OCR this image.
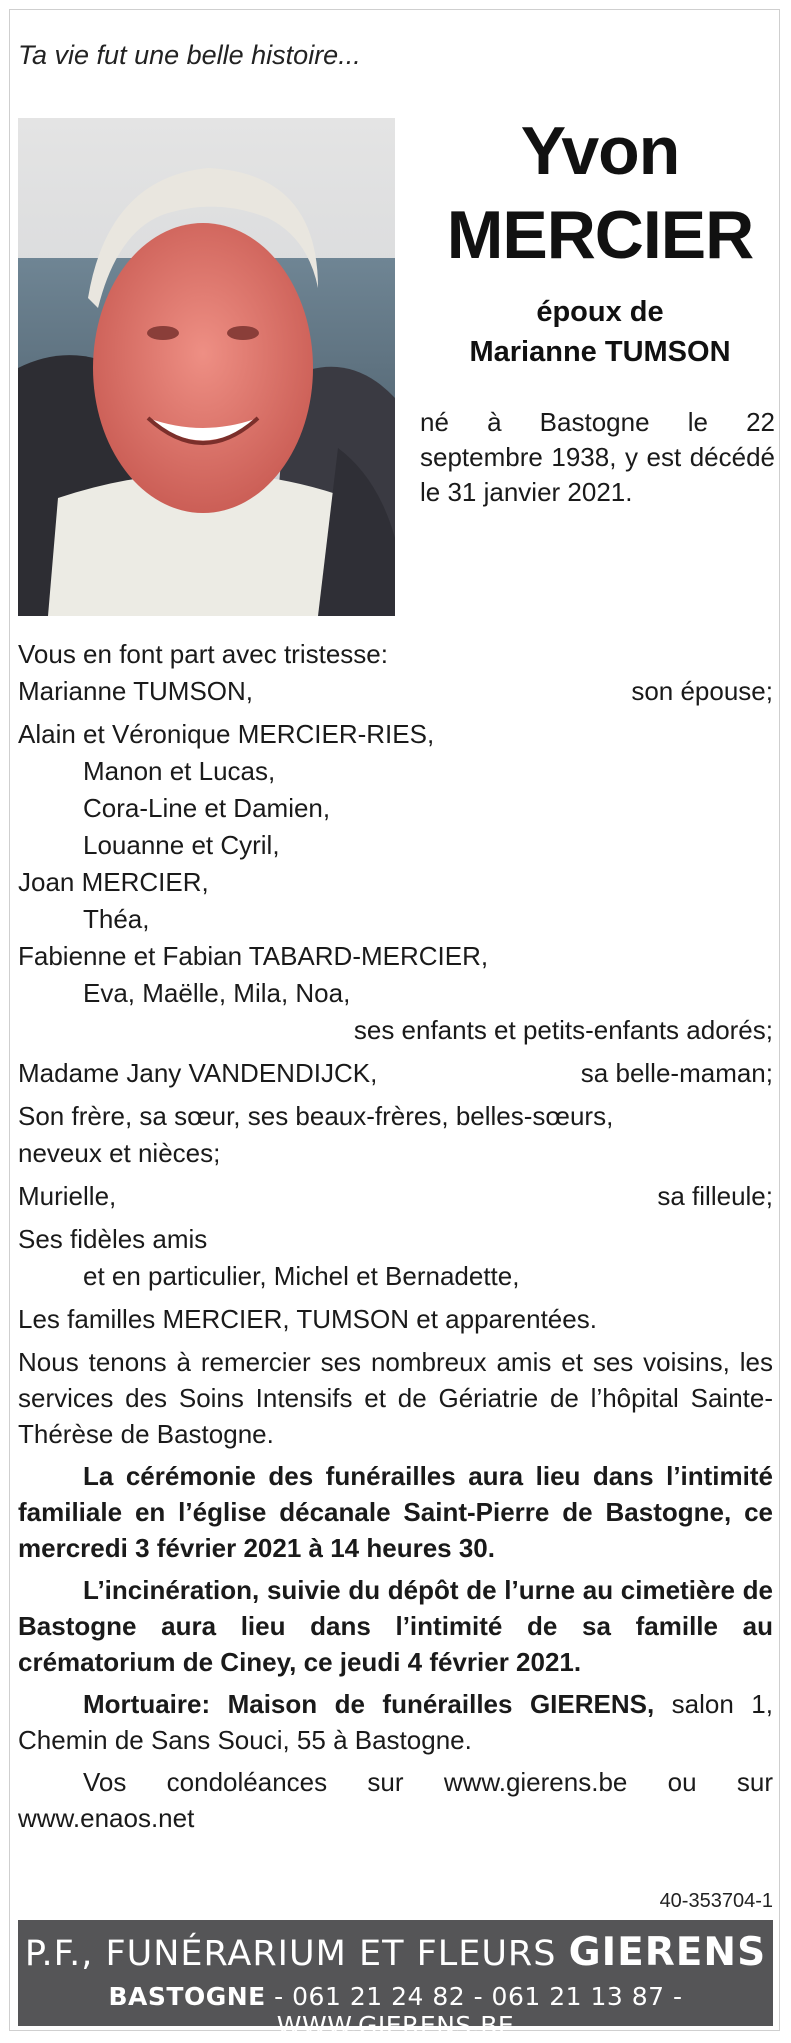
Ta vie fut une belle histoire...
Yvon
MERCIER
époux de
Marianne TUMSON
né à Bastogne le 22 septembre 1938, y est décédé le 31 janvier 2021.
Vous en font part avec tristesse:
Marianne TUMSON,	son épouse;
Alain et Véronique MERCIER-RIES,
Manon et Lucas,
Cora-Line et Damien,
Louanne et Cyril,
Joan MERCIER,
Théa,
Fabienne et Fabian TABARD-MERCIER,
Eva, Maëlle, Mila, Noa,
ses enfants et petits-enfants adorés;
Madame Jany VANDENDIJCK,	sa belle-maman;
Son frère, sa sœur, ses beaux-frères, belles-sœurs,
neveux et nièces;
Murielle,	sa filleule;
Ses fidèles amis
et en particulier, Michel et Bernadette,
Les familles MERCIER, TUMSON et apparentées.
Nous tenons à remercier ses nombreux amis et ses voisins, les services des Soins Intensifs et de Gériatrie de l’hôpital Sainte-Thérèse de Bastogne.
La cérémonie des funérailles aura lieu dans l’intimité familiale en l’église décanale Saint-Pierre de Bastogne, ce mercredi 3 février 2021 à 14 heures 30.
L’incinération, suivie du dépôt de l’urne au cimetière de Bastogne aura lieu dans l’intimité de sa famille au crématorium de Ciney, ce jeudi 4 février 2021.
Mortuaire: Maison de funérailles GIERENS, salon 1, Chemin de Sans Souci, 55 à Bastogne.
Vos condoléances sur www.gierens.be ou sur www.enaos.net
40-353704-1
P.F., FUNÉRARIUM ET FLEURS GIERENS
BASTOGNE - 061 21 24 82 - 061 21 13 87 - WWW.GIERENS.BE
